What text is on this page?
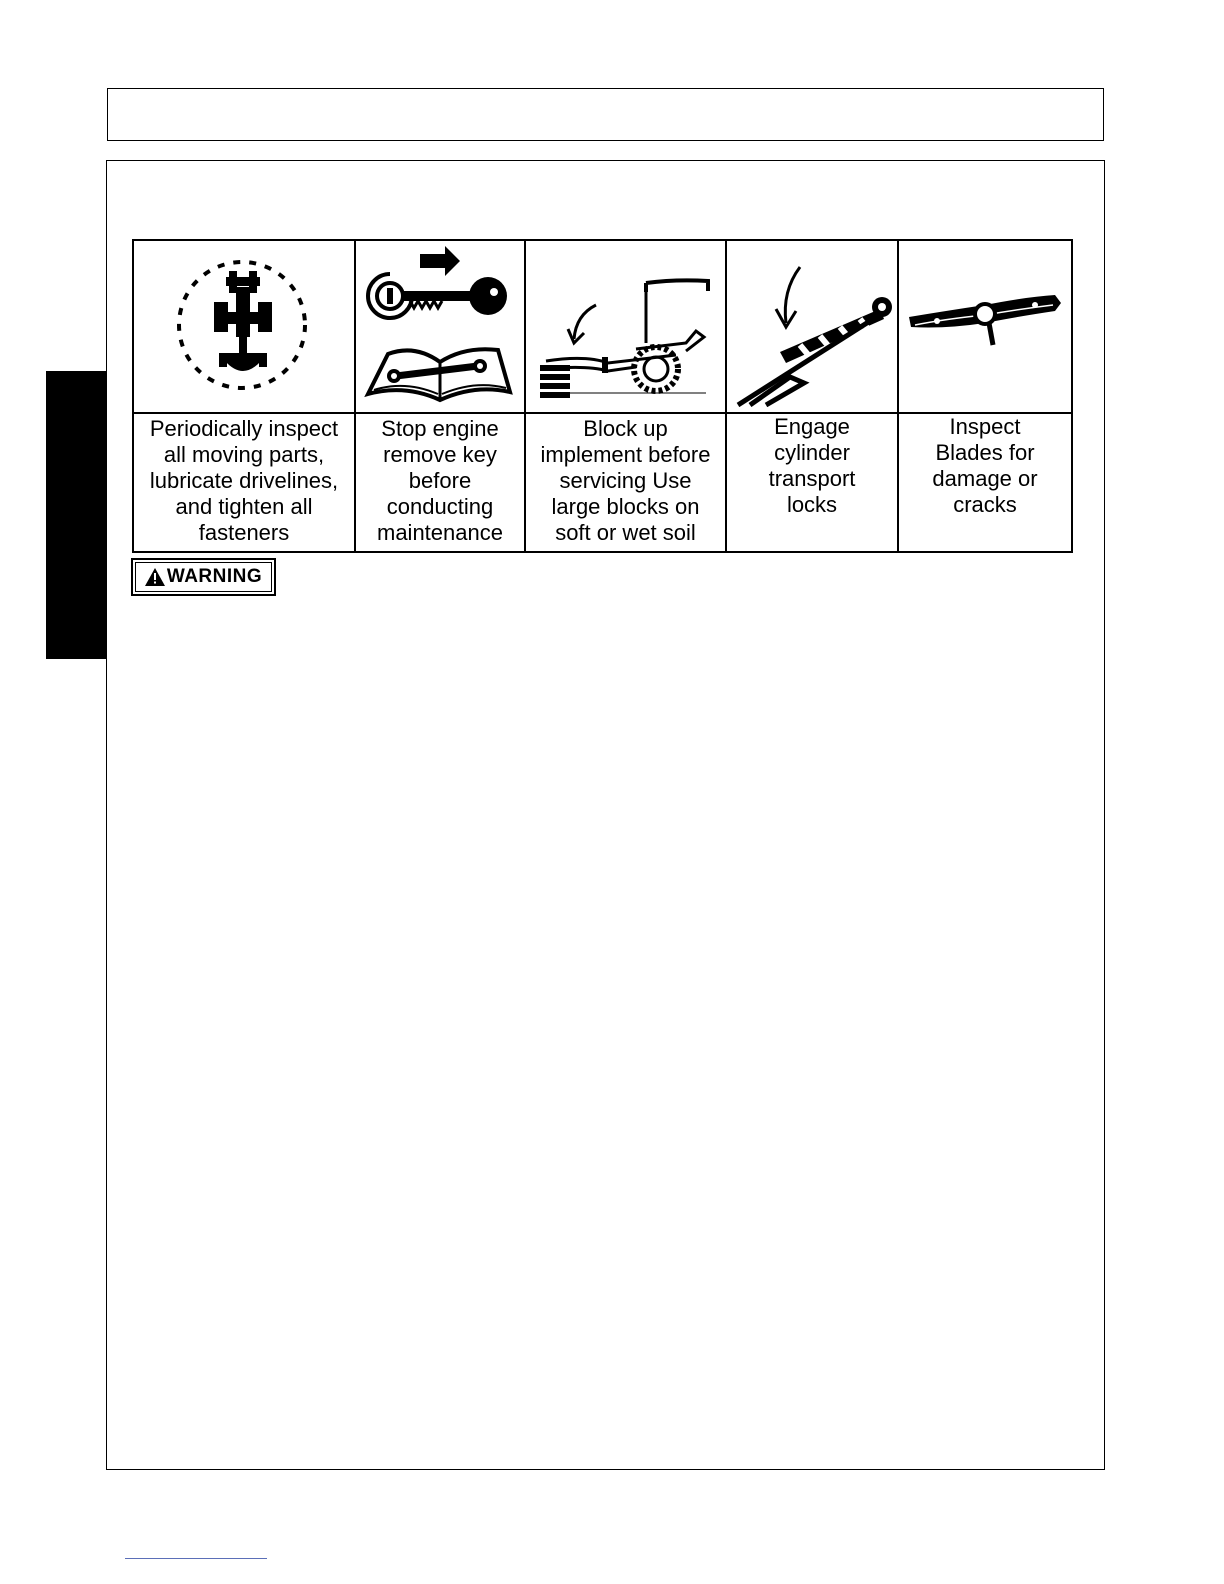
Periodically inspect
all moving parts,
lubricate drivelines,
and tighten all
fasteners	Stop engine
remove key
before
conducting
maintenance	Block up
implement before
servicing Use
large blocks on
soft or wet soil	Engage
cylinder
transport
locks	Inspect
Blades for
damage or
cracks
WARNING
